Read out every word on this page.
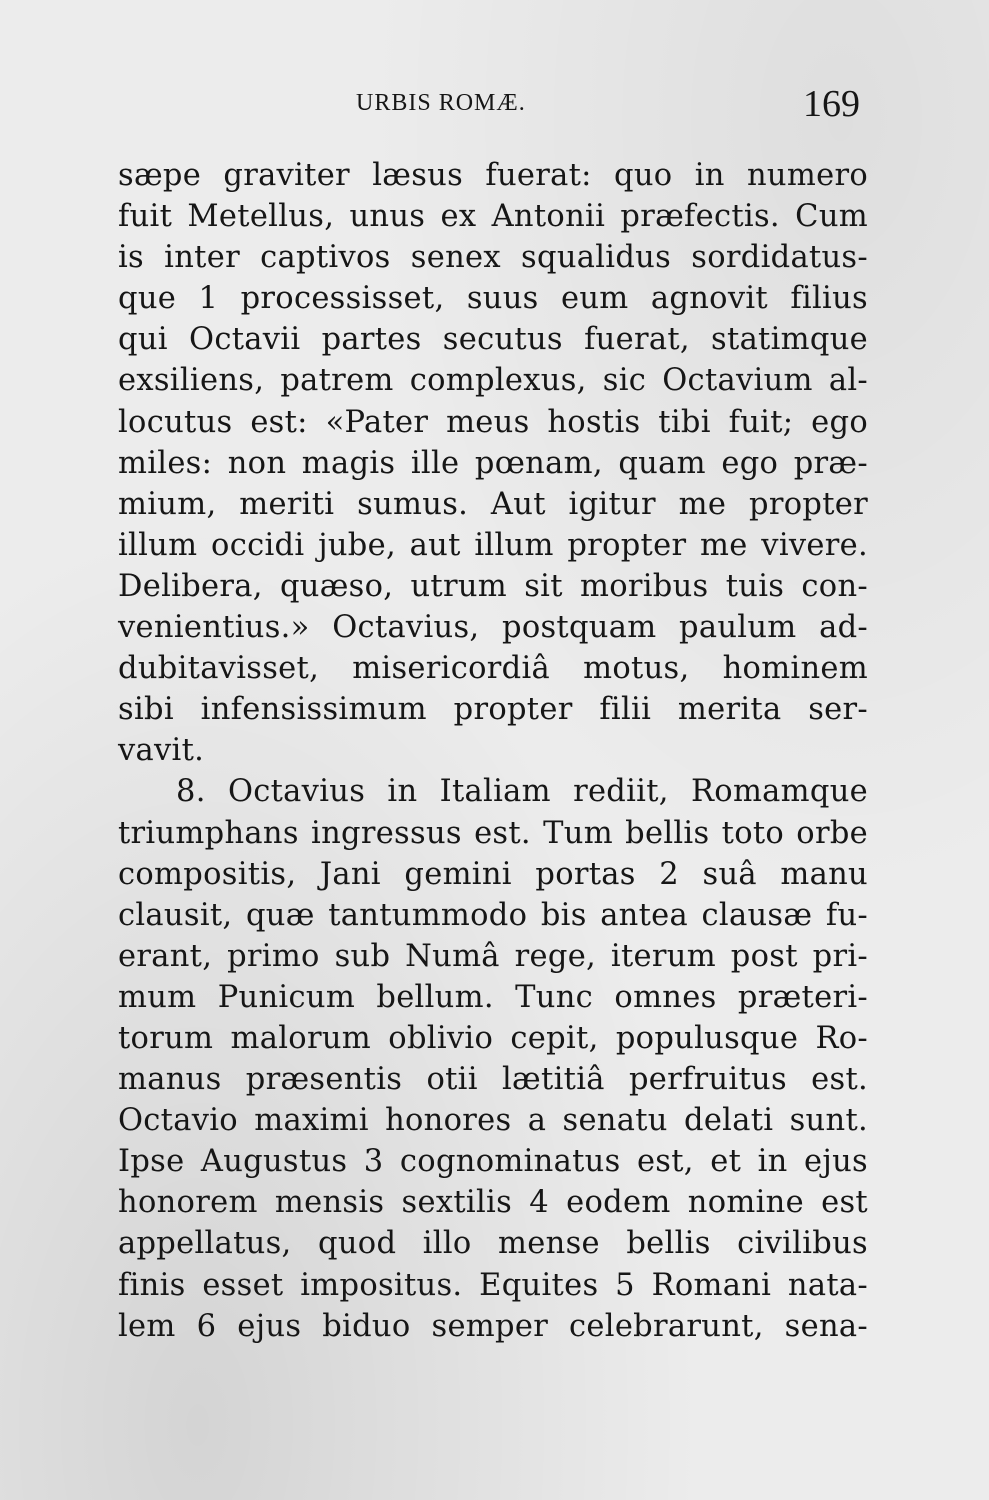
URBIS ROMÆ.	169
sæpe graviter læsus fuerat: quo in numero
fuit Metellus, unus ex Antonii præfectis. Cum
is inter captivos senex squalidus sordidatus-
que 1 processisset, suus eum agnovit filius
qui Octavii partes secutus fuerat, statimque
exsiliens, patrem complexus, sic Octavium al-
locutus est: «Pater meus hostis tibi fuit; ego
miles: non magis ille pœnam, quam ego præ-
mium, meriti sumus. Aut igitur me propter
illum occidi jube, aut illum propter me vivere.
Delibera, quæso, utrum sit moribus tuis con-
venientius.» Octavius, postquam paulum ad-
dubitavisset, misericordiâ motus, hominem
sibi infensissimum propter filii merita ser-
vavit.
8. Octavius in Italiam rediit, Romamque
triumphans ingressus est. Tum bellis toto orbe
compositis, Jani gemini portas 2 suâ manu
clausit, quæ tantummodo bis antea clausæ fu-
erant, primo sub Numâ rege, iterum post pri-
mum Punicum bellum. Tunc omnes præteri-
torum malorum oblivio cepit, populusque Ro-
manus præsentis otii lætitiâ perfruitus est.
Octavio maximi honores a senatu delati sunt.
Ipse Augustus 3 cognominatus est, et in ejus
honorem mensis sextilis 4 eodem nomine est
appellatus, quod illo mense bellis civilibus
finis esset impositus. Equites 5 Romani nata-
lem 6 ejus biduo semper celebrarunt, sena-
